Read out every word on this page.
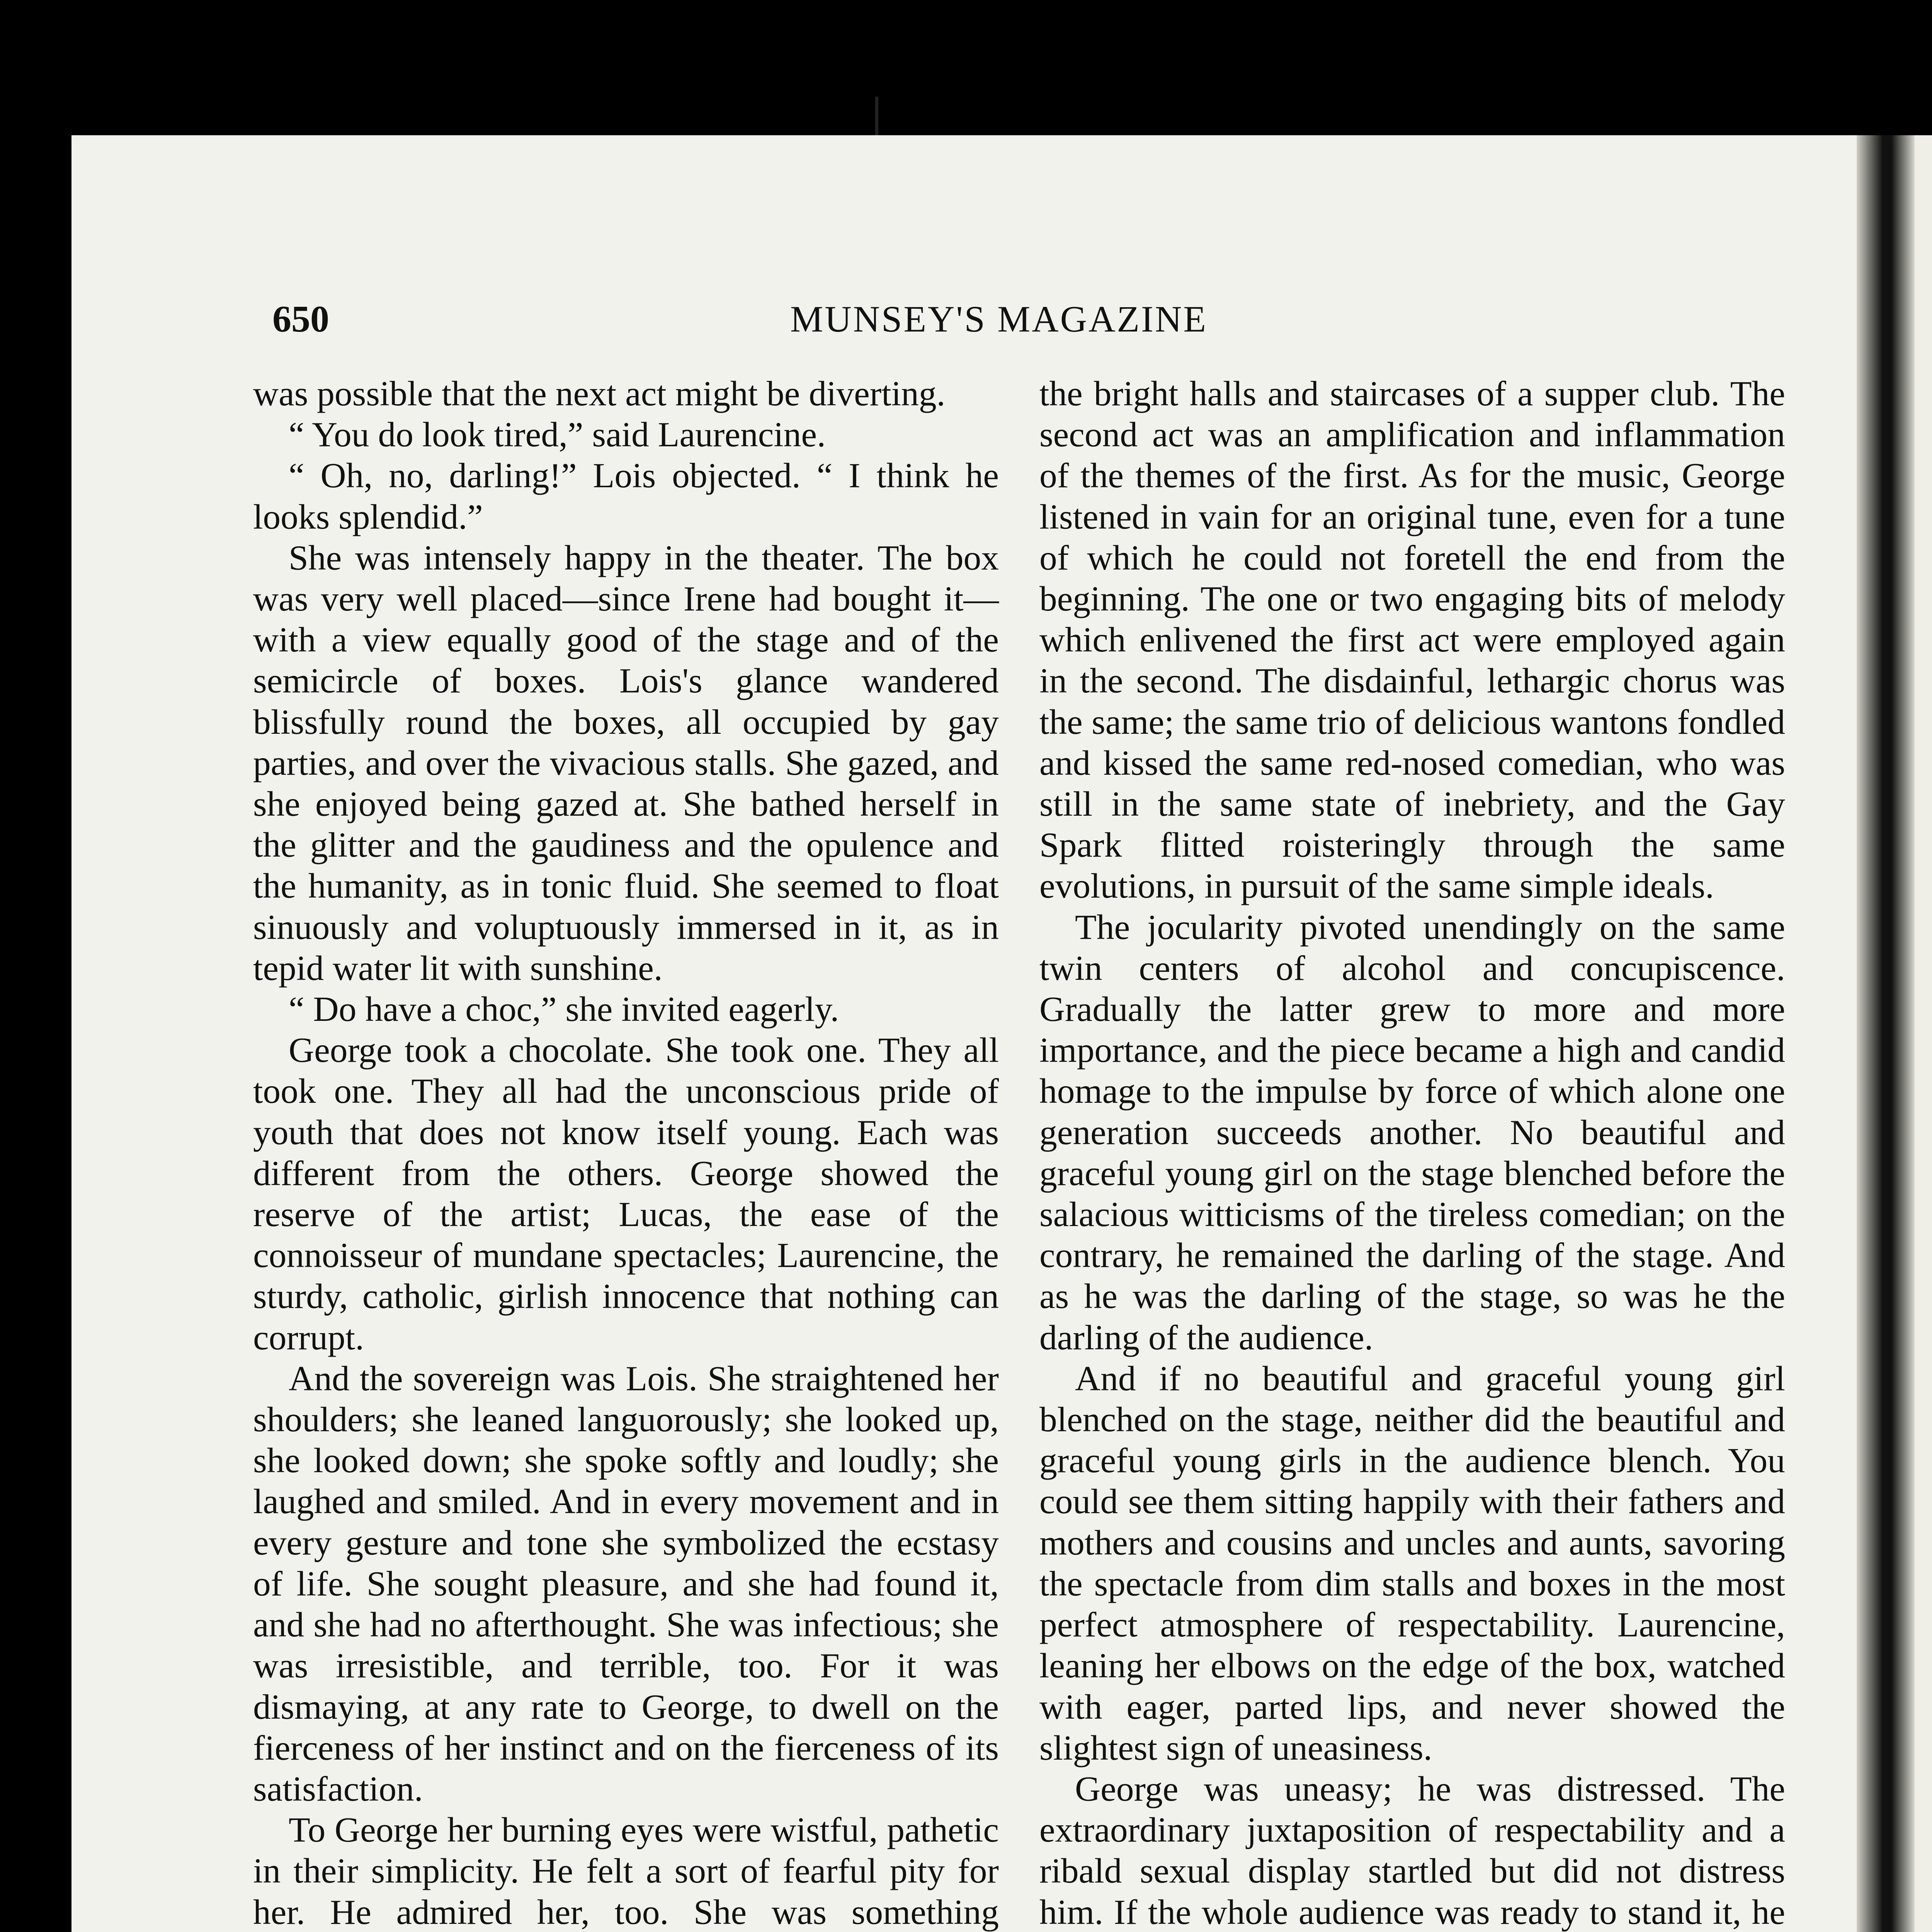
650	MUNSEY'S MAGAZINE

was possible that the next act might be diverting.

“ You do look tired,” said Laurencine.

“ Oh, no, darling!” Lois objected. “ I think he looks splendid.”

She was intensely happy in the theater. The box was very well placed—since Irene had bought it—with a view equally good of the stage and of the semicircle of boxes. Lois's glance wandered blissfully round the boxes, all occupied by gay parties, and over the vivacious stalls. She gazed, and she enjoyed being gazed at. She bathed herself in the glitter and the gaudiness and the opulence and the humanity, as in tonic fluid. She seemed to float sinuously and voluptuously immersed in it, as in tepid water lit with sunshine.

“ Do have a choc,” she invited eagerly.

George took a chocolate. She took one. They all took one. They all had the unconscious pride of youth that does not know itself young. Each was different from the others. George showed the reserve of the artist; Lucas, the ease of the connoisseur of mundane spectacles; Laurencine, the sturdy, catholic, girlish innocence that nothing can corrupt.

And the sovereign was Lois. She straightened her shoulders; she leaned languorously; she looked up, she looked down; she spoke softly and loudly; she laughed and smiled. And in every movement and in every gesture and tone she symbolized the ecstasy of life. She sought pleasure, and she had found it, and she had no afterthought. She was infectious; she was irresistible, and terrible, too. For it was dismaying, at any rate to George, to dwell on the fierceness of her instinct and on the fierceness of its satisfaction.

To George her burning eyes were wistful, pathetic in their simplicity. He felt a sort of fearful pity for her. He admired her, too. She was something

the bright halls and staircases of a supper club. The second act was an amplification and inflammation of the themes of the first. As for the music, George listened in vain for an original tune, even for a tune of which he could not foretell the end from the beginning. The one or two engaging bits of melody which enlivened the first act were employed again in the second. The disdainful, lethargic chorus was the same; the same trio of delicious wantons fondled and kissed the same red-nosed comedian, who was still in the same state of inebriety, and the Gay Spark flitted roisteringly through the same evolutions, in pursuit of the same simple ideals.

The jocularity pivoted unendingly on the same twin centers of alcohol and concupiscence. Gradually the latter grew to more and more importance, and the piece became a high and candid homage to the impulse by force of which alone one generation succeeds another. No beautiful and graceful young girl on the stage blenched before the salacious witticisms of the tireless comedian; on the contrary, he remained the darling of the stage. And as he was the darling of the stage, so was he the darling of the audience.

And if no beautiful and graceful young girl blenched on the stage, neither did the beautiful and graceful young girls in the audience blench. You could see them sitting happily with their fathers and mothers and cousins and uncles and aunts, savoring the spectacle from dim stalls and boxes in the most perfect atmosphere of respectability. Laurencine, leaning her elbows on the edge of the box, watched with eager, parted lips, and never showed the slightest sign of uneasiness.

George was uneasy; he was distressed. The extraordinary juxtaposition of respectability and a ribald sexual display startled but did not distress him. If the whole audience was ready to stand it, he
